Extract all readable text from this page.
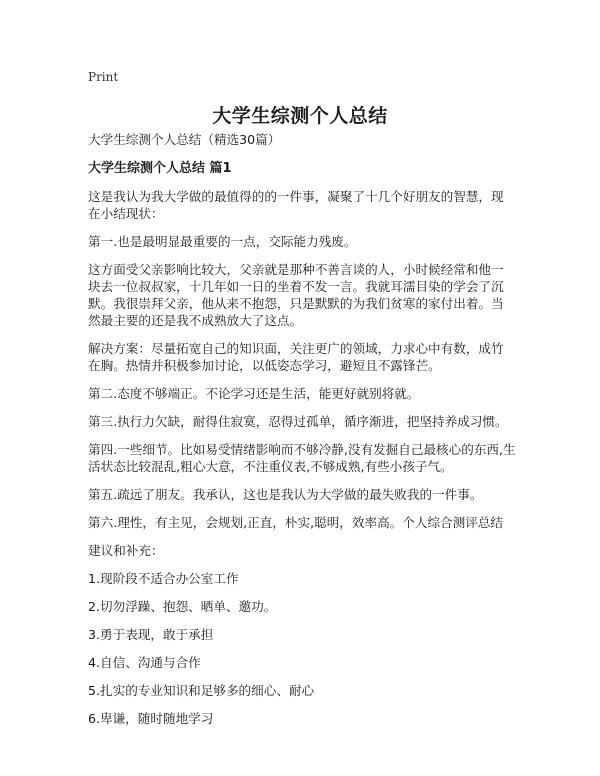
Print
大学生综测个人总结

大学生综测个人总结（精选30篇）

大学生综测个人总结 篇1

这是我认为我大学做的最值得的的一件事，凝聚了十几个好朋友的智慧，现在小结现状：

第一.也是最明显最重要的一点，交际能力残废。

这方面受父亲影响比较大，父亲就是那种不善言谈的人，小时候经常和他一块去一位叔叔家，十几年如一日的坐着不发一言。我就耳濡目染的学会了沉默。我很崇拜父亲，他从来不抱怨，只是默默的为我们贫寒的家付出着。当然最主要的还是我不成熟放大了这点。

解决方案：尽量拓宽自己的知识面，关注更广的领域，力求心中有数，成竹在胸。热情并积极参加讨论，以低姿态学习，避短且不露锋芒。

第二.态度不够端正。不论学习还是生活，能更好就别将就。

第三.执行力欠缺，耐得住寂寞，忍得过孤单，循序渐进，把坚持养成习惯。

第四.一些细节。比如易受情绪影响而不够冷静,没有发掘自己最核心的东西,生活状态比较混乱,粗心大意，不注重仪表,不够成熟,有些小孩子气。

第五.疏远了朋友。我承认，这也是我认为大学做的最失败我的一件事。

第六.理性，有主见，会规划,正直，朴实,聪明，效率高。个人综合测评总结

建议和补充：

1.现阶段不适合办公室工作

2.切勿浮躁、抱怨、晒单、邀功。

3.勇于表现，敢于承担

4.自信、沟通与合作

5.扎实的专业知识和足够多的细心、耐心

6.卑谦，随时随地学习
